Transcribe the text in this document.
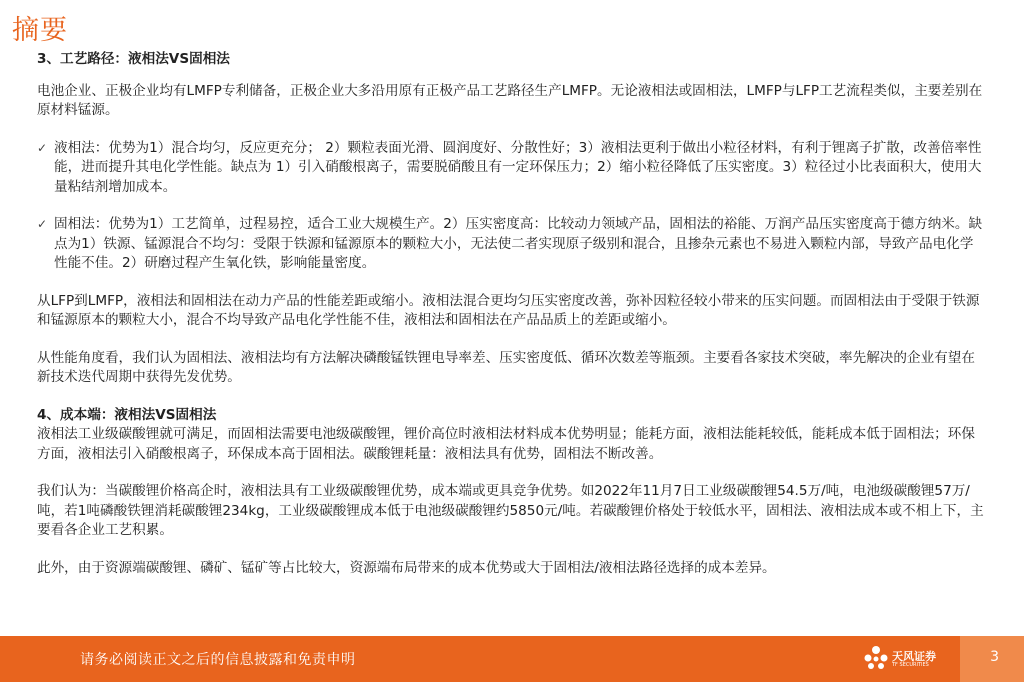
摘要

3、工艺路径：液相法VS固相法

电池企业、正极企业均有LMFP专利储备，正极企业大多沿用原有正极产品工艺路径生产LMFP。无论液相法或固相法，LMFP与LFP工艺流程类似，主要差别在原材料锰源。

✓ 液相法：优势为1）混合均匀，反应更充分； 2）颗粒表面光滑、圆润度好、分散性好；3）液相法更利于做出小粒径材料，有利于锂离子扩散，改善倍率性能，进而提升其电化学性能。缺点为 1）引入硝酸根离子，需要脱硝酸且有一定环保压力；2）缩小粒径降低了压实密度。3）粒径过小比表面积大，使用大量粘结剂增加成本。
✓ 固相法：优势为1）工艺简单，过程易控，适合工业大规模生产。2）压实密度高：比较动力领域产品，固相法的裕能、万润产品压实密度高于德方纳米。缺点为1）铁源、锰源混合不均匀：受限于铁源和锰源原本的颗粒大小，无法使二者实现原子级别和混合，且掺杂元素也不易进入颗粒内部，导致产品电化学性能不佳。2）研磨过程产生氧化铁，影响能量密度。

从LFP到LMFP，液相法和固相法在动力产品的性能差距或缩小。液相法混合更均匀压实密度改善，弥补因粒径较小带来的压实问题。而固相法由于受限于铁源和锰源原本的颗粒大小，混合不均导致产品电化学性能不佳，液相法和固相法在产品品质上的差距或缩小。

从性能角度看，我们认为固相法、液相法均有方法解决磷酸锰铁锂电导率差、压实密度低、循环次数差等瓶颈。主要看各家技术突破，率先解决的企业有望在新技术迭代周期中获得先发优势。

4、成本端：液相法VS固相法

液相法工业级碳酸锂就可满足，而固相法需要电池级碳酸锂，锂价高位时液相法材料成本优势明显；能耗方面，液相法能耗较低，能耗成本低于固相法；环保方面，液相法引入硝酸根离子，环保成本高于固相法。碳酸锂耗量：液相法具有优势，固相法不断改善。

我们认为：当碳酸锂价格高企时，液相法具有工业级碳酸锂优势，成本端或更具竞争优势。如2022年11月7日工业级碳酸锂54.5万/吨，电池级碳酸锂57万/吨，若1吨磷酸铁锂消耗碳酸锂234kg，工业级碳酸锂成本低于电池级碳酸锂约5850元/吨。若碳酸锂价格处于较低水平，固相法、液相法成本或不相上下，主要看各企业工艺积累。

此外，由于资源端碳酸锂、磷矿、锰矿等占比较大，资源端布局带来的成本优势或大于固相法/液相法路径选择的成本差异。

请务必阅读正文之后的信息披露和免责申明	天风证券
TF SECURITIES	3
